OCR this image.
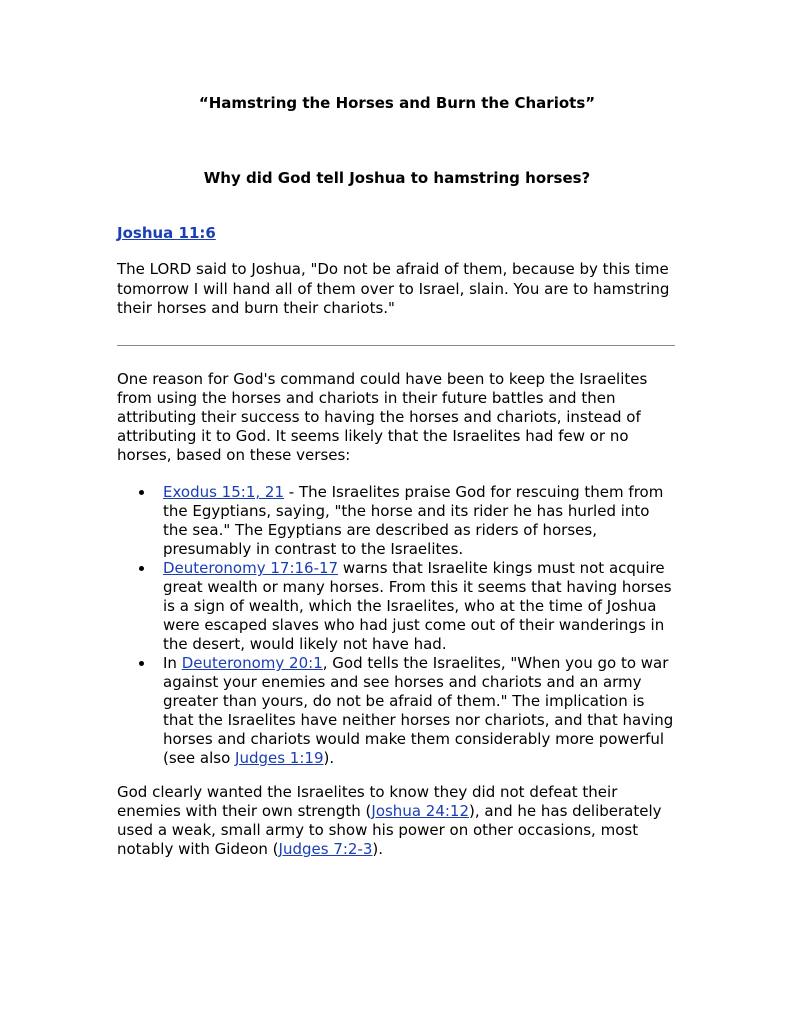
“Hamstring the Horses and Burn the Chariots”

Why did God tell Joshua to hamstring horses?

Joshua 11:6

The LORD said to Joshua, "Do not be afraid of them, because by this time tomorrow I will hand all of them over to Israel, slain. You are to hamstring their horses and burn their chariots."

One reason for God's command could have been to keep the Israelites from using the horses and chariots in their future battles and then attributing their success to having the horses and chariots, instead of attributing it to God. It seems likely that the Israelites had few or no horses, based on these verses:

Exodus 15:1, 21 - The Israelites praise God for rescuing them from the Egyptians, saying, "the horse and its rider he has hurled into the sea." The Egyptians are described as riders of horses, presumably in contrast to the Israelites.
Deuteronomy 17:16-17 warns that Israelite kings must not acquire great wealth or many horses. From this it seems that having horses is a sign of wealth, which the Israelites, who at the time of Joshua were escaped slaves who had just come out of their wanderings in the desert, would likely not have had.
In Deuteronomy 20:1, God tells the Israelites, "When you go to war against your enemies and see horses and chariots and an army greater than yours, do not be afraid of them." The implication is that the Israelites have neither horses nor chariots, and that having horses and chariots would make them considerably more powerful (see also Judges 1:19).

God clearly wanted the Israelites to know they did not defeat their enemies with their own strength (Joshua 24:12), and he has deliberately used a weak, small army to show his power on other occasions, most notably with Gideon (Judges 7:2-3).
